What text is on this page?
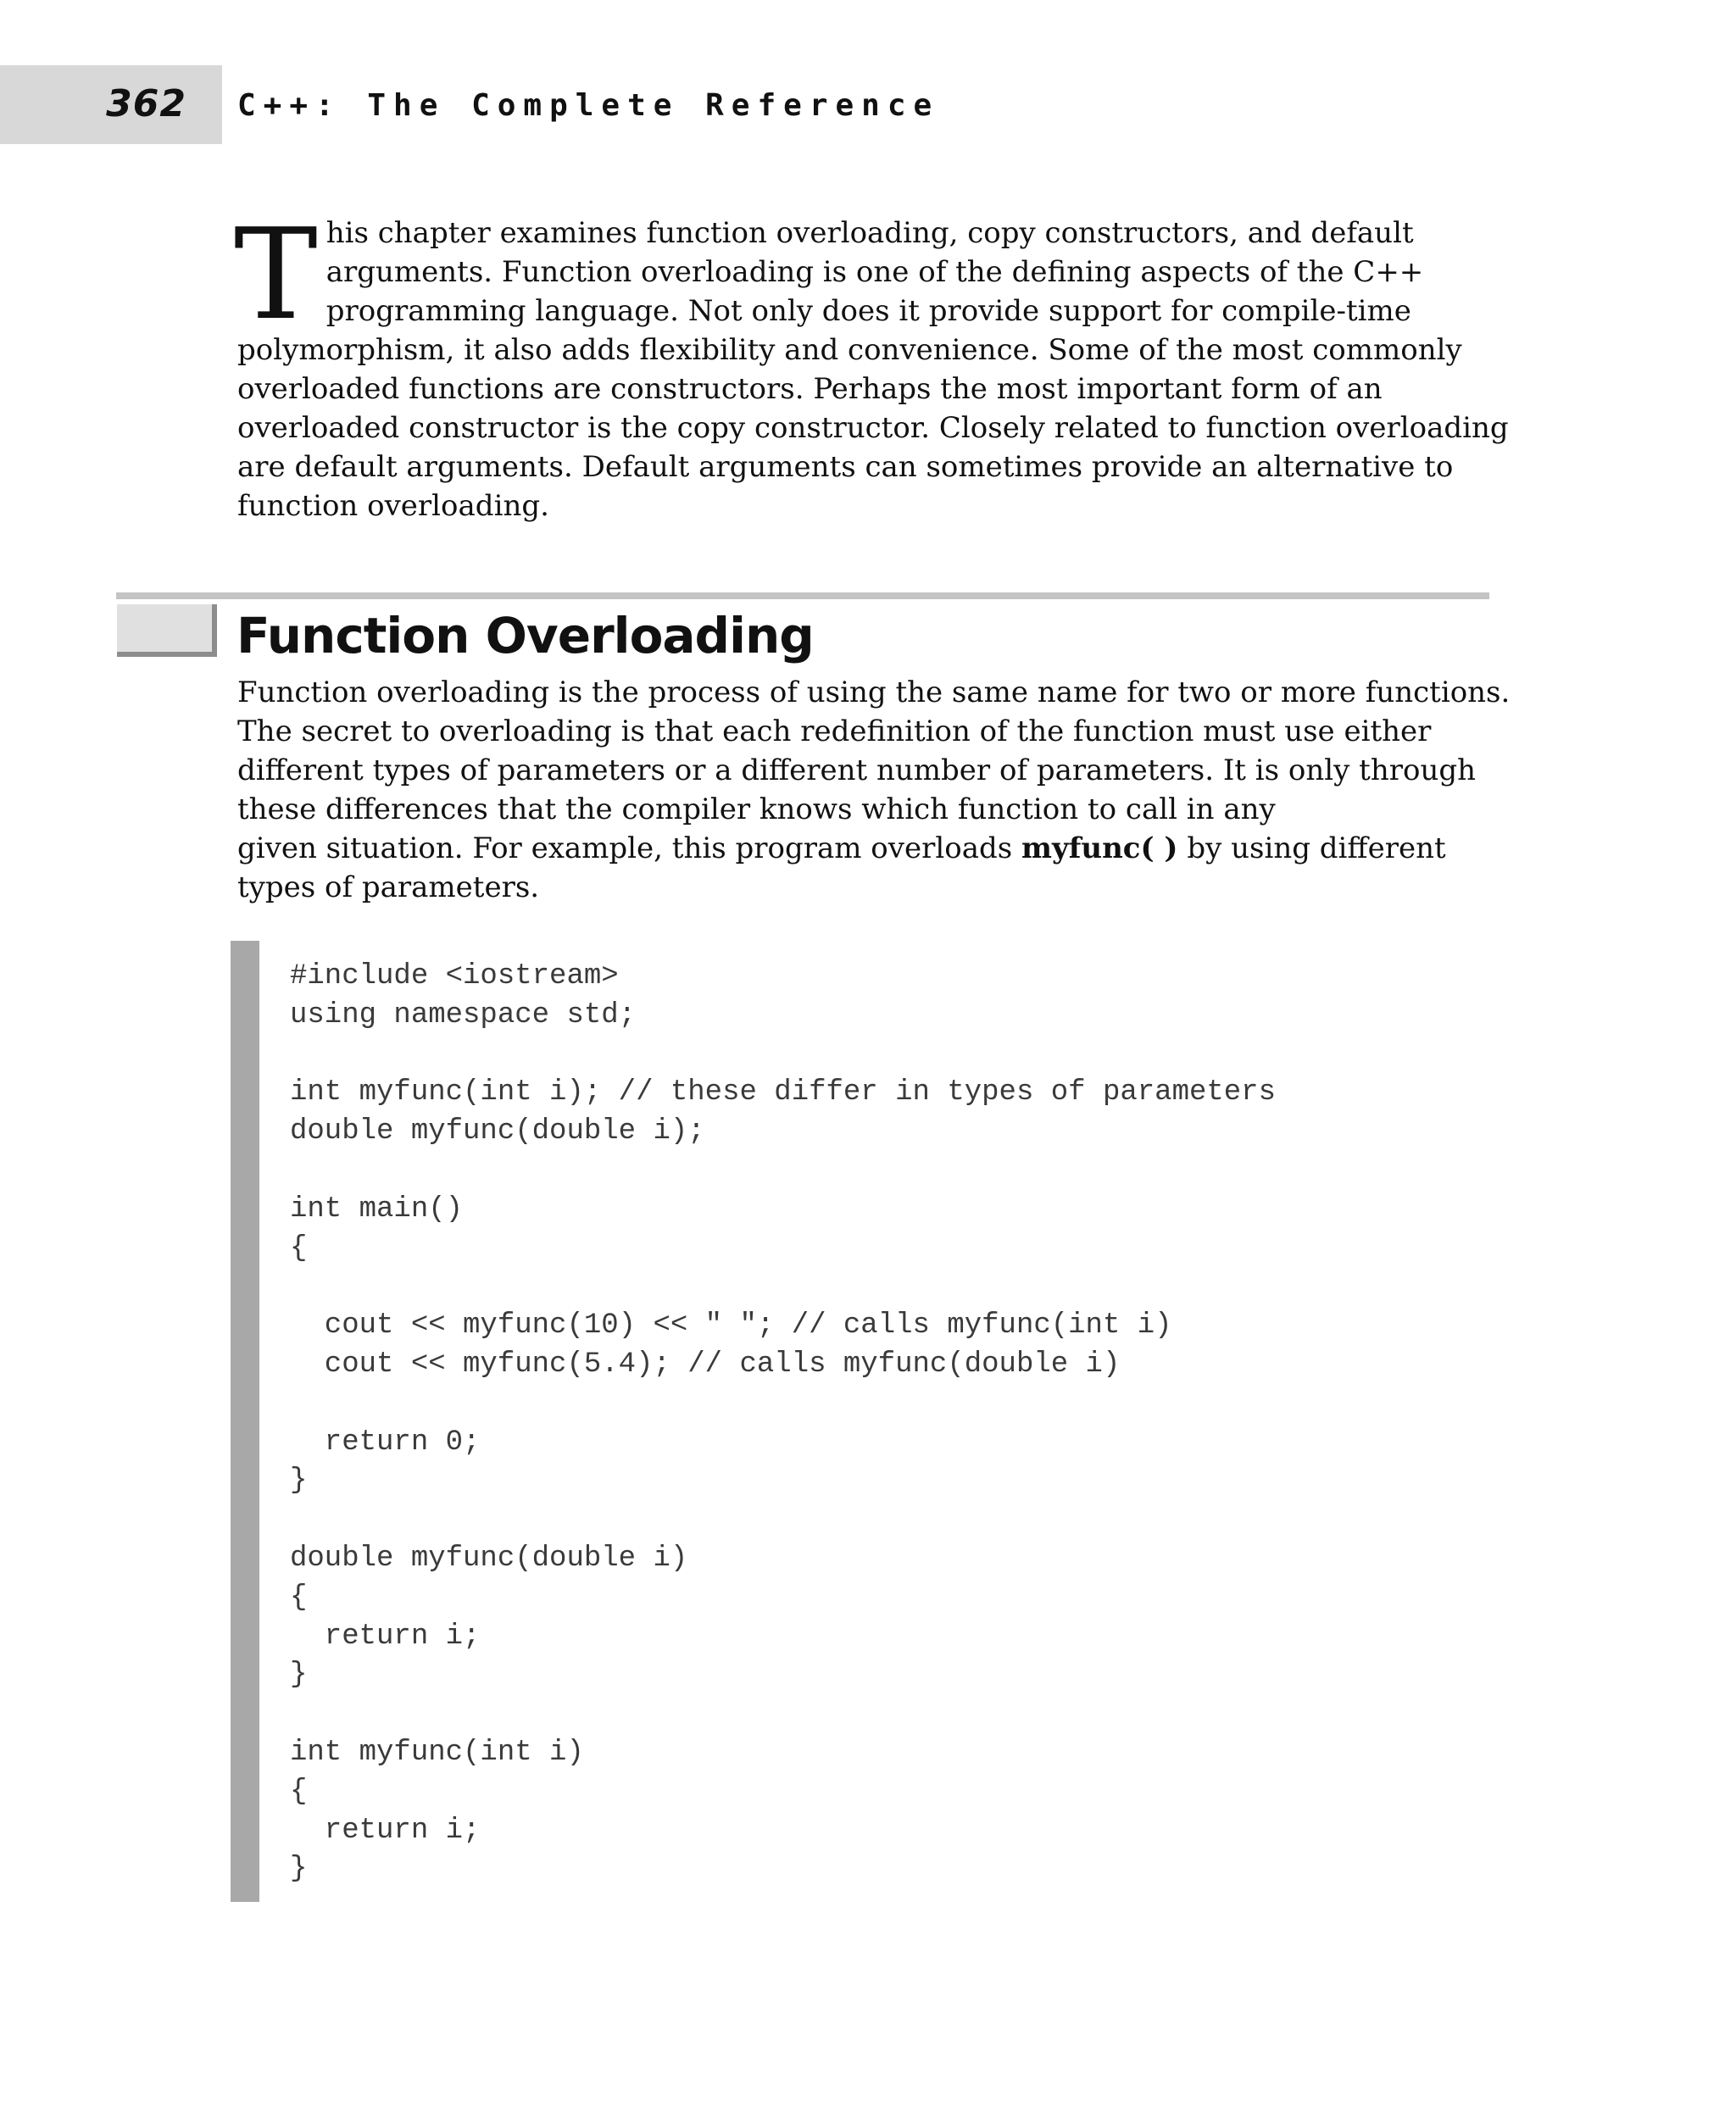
362 C++: The Complete Reference
T his chapter examines function overloading, copy constructors, and default
arguments. Function overloading is one of the defining aspects of the C++
programming language. Not only does it provide support for compile-time
polymorphism, it also adds flexibility and convenience. Some of the most commonly
overloaded functions are constructors. Perhaps the most important form of an
overloaded constructor is the copy constructor. Closely related to function overloading
are default arguments. Default arguments can sometimes provide an alternative to
function overloading.
Function Overloading

Function overloading is the process of using the same name for two or more functions.
The secret to overloading is that each redefinition of the function must use either
different types of parameters or a different number of parameters. It is only through
these differences that the compiler knows which function to call in any
given situation. For example, this program overloads myfunc( ) by using different
types of parameters.

#include <iostream>
using namespace std;
int myfunc(int i); // these differ in types of parameters
double myfunc(double i);
int main()
{
cout << myfunc(10) << " "; // calls myfunc(int i)
cout << myfunc(5.4); // calls myfunc(double i)
return 0;
}
double myfunc(double i)
{
return i;
}
int myfunc(int i)
{
return i;
}
